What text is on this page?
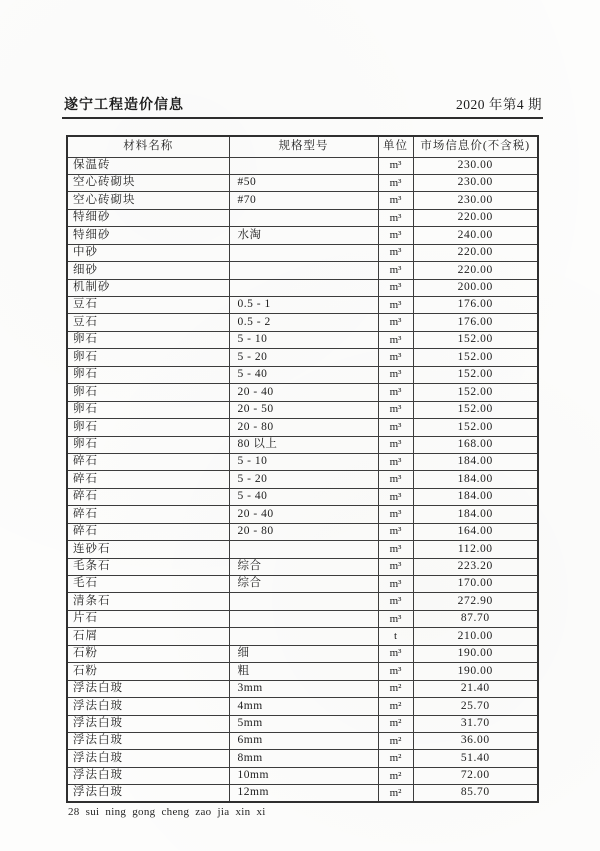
遂宁工程造价信息	2020 年第4 期
材料名称	规格型号	单位	市场信息价(不含税)
保温砖		m³	230.00
空心砖砌块	#50	m³	230.00
空心砖砌块	#70	m³	230.00
特细砂		m³	220.00
特细砂	水淘	m³	240.00
中砂		m³	220.00
细砂		m³	220.00
机制砂		m³	200.00
豆石	0.5 - 1	m³	176.00
豆石	0.5 - 2	m³	176.00
卵石	5 - 10	m³	152.00
卵石	5 - 20	m³	152.00
卵石	5 - 40	m³	152.00
卵石	20 - 40	m³	152.00
卵石	20 - 50	m³	152.00
卵石	20 - 80	m³	152.00
卵石	80 以上	m³	168.00
碎石	5 - 10	m³	184.00
碎石	5 - 20	m³	184.00
碎石	5 - 40	m³	184.00
碎石	20 - 40	m³	184.00
碎石	20 - 80	m³	164.00
连砂石		m³	112.00
毛条石	综合	m³	223.20
毛石	综合	m³	170.00
清条石		m³	272.90
片石		m³	87.70
石屑		t	210.00
石粉	细	m³	190.00
石粉	粗	m³	190.00
浮法白玻	3mm	m²	21.40
浮法白玻	4mm	m²	25.70
浮法白玻	5mm	m²	31.70
浮法白玻	6mm	m²	36.00
浮法白玻	8mm	m²	51.40
浮法白玻	10mm	m²	72.00
浮法白玻	12mm	m²	85.70
28 sui ning gong cheng zao jia xin xi
